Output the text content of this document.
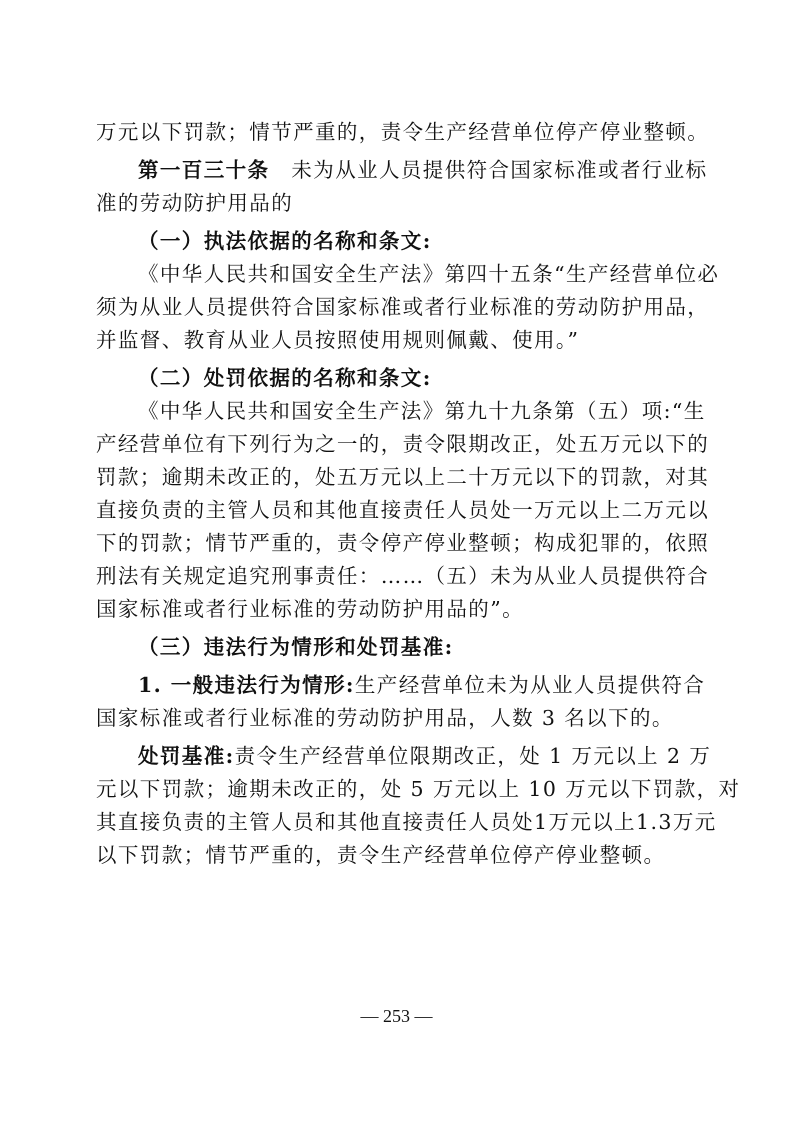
万元以下罚款；情节严重的，责令生产经营单位停产停业整顿。
第一百三十条 未为从业人员提供符合国家标准或者行业标
准的劳动防护用品的
（一）执法依据的名称和条文:
《中华人民共和国安全生产法》第四十五条“生产经营单位必
须为从业人员提供符合国家标准或者行业标准的劳动防护用品，
并监督、教育从业人员按照使用规则佩戴、使用。”
（二）处罚依据的名称和条文:
《中华人民共和国安全生产法》第九十九条第（五）项:“生
产经营单位有下列行为之一的，责令限期改正，处五万元以下的
罚款；逾期未改正的，处五万元以上二十万元以下的罚款，对其
直接负责的主管人员和其他直接责任人员处一万元以上二万元以
下的罚款；情节严重的，责令停产停业整顿；构成犯罪的，依照
刑法有关规定追究刑事责任：……（五）未为从业人员提供符合
国家标准或者行业标准的劳动防护用品的”。
（三）违法行为情形和处罚基准:
1. 一般违法行为情形:生产经营单位未为从业人员提供符合
国家标准或者行业标准的劳动防护用品，人数 3 名以下的。
处罚基准:责令生产经营单位限期改正，处 1 万元以上 2 万
元以下罚款；逾期未改正的，处 5 万元以上 10 万元以下罚款，对
其直接负责的主管人员和其他直接责任人员处1万元以上1.3万元
以下罚款；情节严重的，责令生产经营单位停产停业整顿。
— 253 —
